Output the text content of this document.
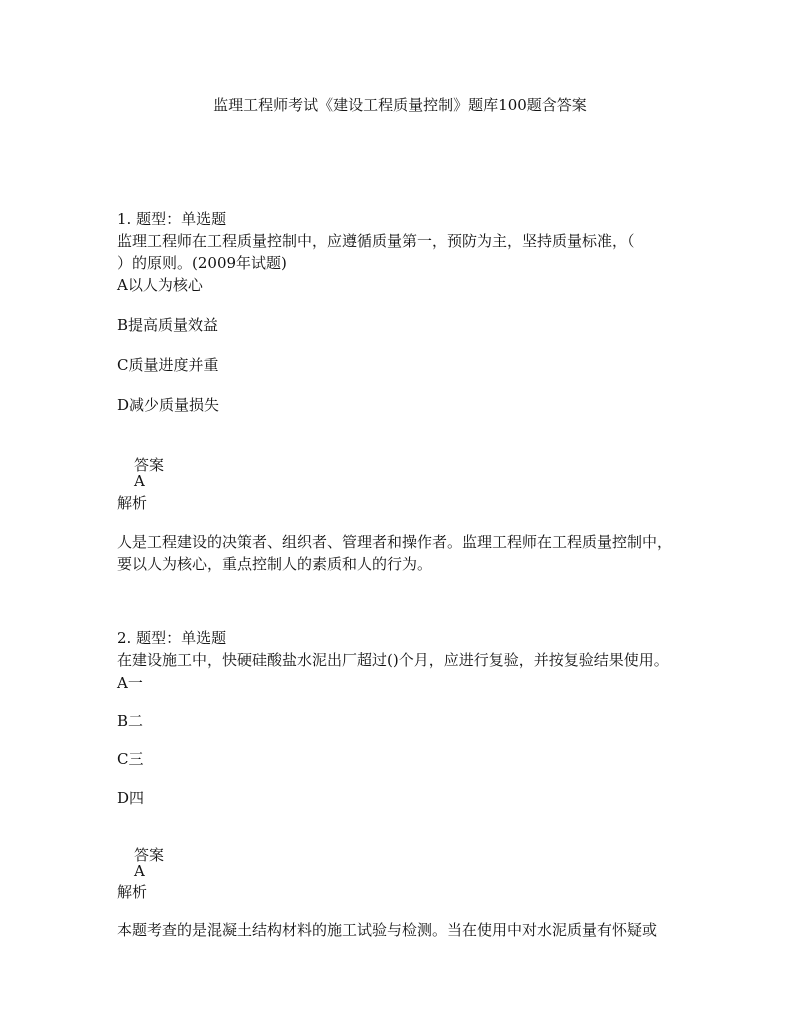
监理工程师考试《建设工程质量控制》题库100题含答案
1. 题型：单选题
监理工程师在工程质量控制中，应遵循质量第一，预防为主，坚持质量标准，（
）的原则。(2009年试题)
A以人为核心
B提高质量效益
C质量进度并重
D减少质量损失
答案
A
解析
人是工程建设的决策者、组织者、管理者和操作者。监理工程师在工程质量控制中，
要以人为核心，重点控制人的素质和人的行为。
2. 题型：单选题
在建设施工中，快硬硅酸盐水泥出厂超过()个月，应进行复验，并按复验结果使用。
A一
B二
C三
D四
答案
A
解析
本题考查的是混凝土结构材料的施工试验与检测。当在使用中对水泥质量有怀疑或
